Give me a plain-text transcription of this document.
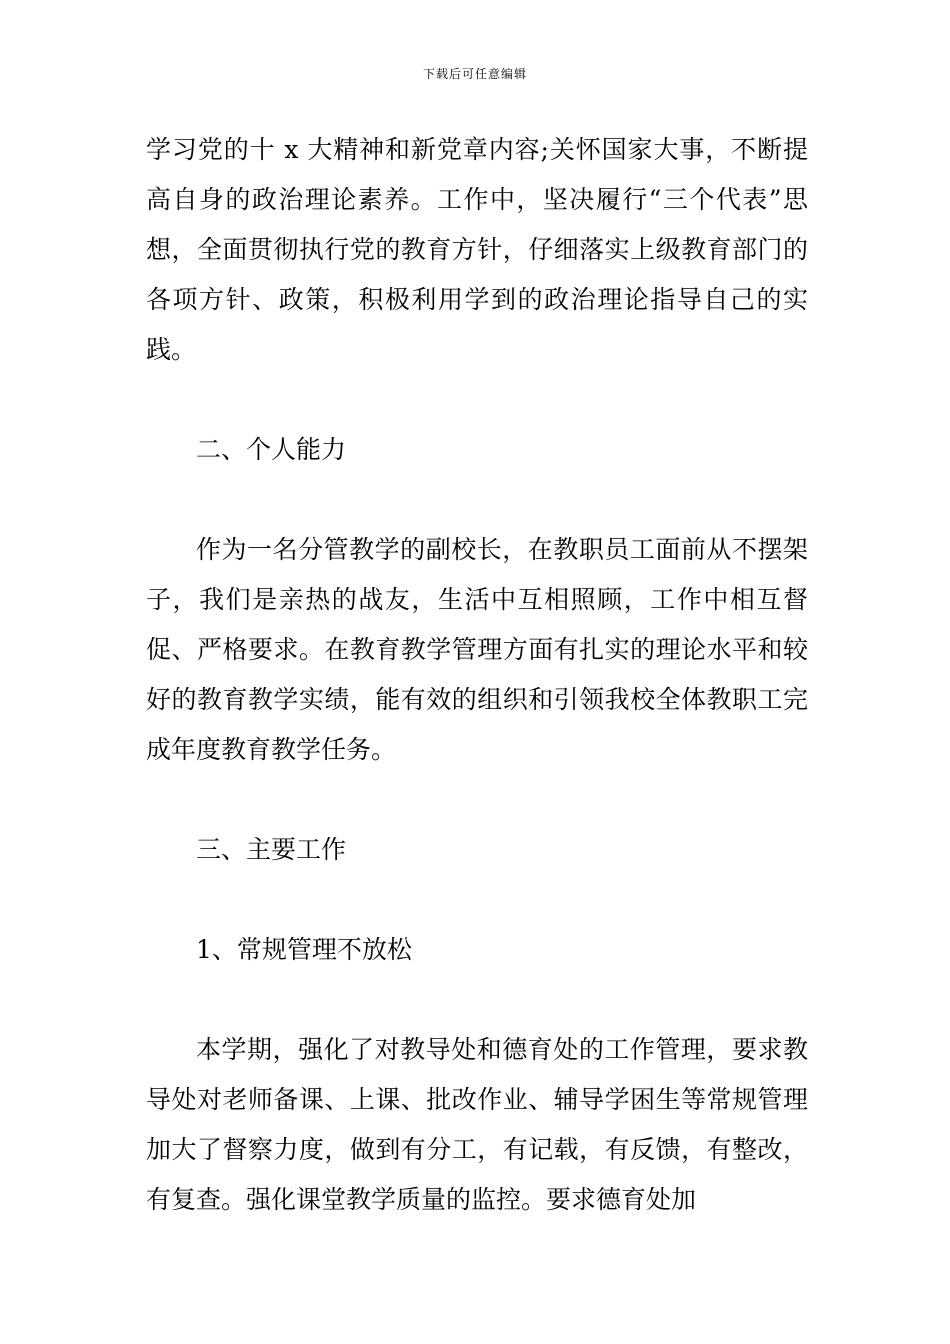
下载后可任意编辑

学习党的十 x 大精神和新党章内容;关怀国家大事，不断提高自身的政治理论素养。工作中，坚决履行“三个代表”思想，全面贯彻执行党的教育方针，仔细落实上级教育部门的各项方针、政策，积极利用学到的政治理论指导自己的实践。

二、个人能力

作为一名分管教学的副校长，在教职员工面前从不摆架子，我们是亲热的战友，生活中互相照顾，工作中相互督促、严格要求。在教育教学管理方面有扎实的理论水平和较好的教育教学实绩，能有效的组织和引领我校全体教职工完成年度教育教学任务。

三、主要工作

1、常规管理不放松

本学期，强化了对教导处和德育处的工作管理，要求教导处对老师备课、上课、批改作业、辅导学困生等常规管理加大了督察力度，做到有分工，有记载，有反馈，有整改，有复查。强化课堂教学质量的监控。要求德育处加
